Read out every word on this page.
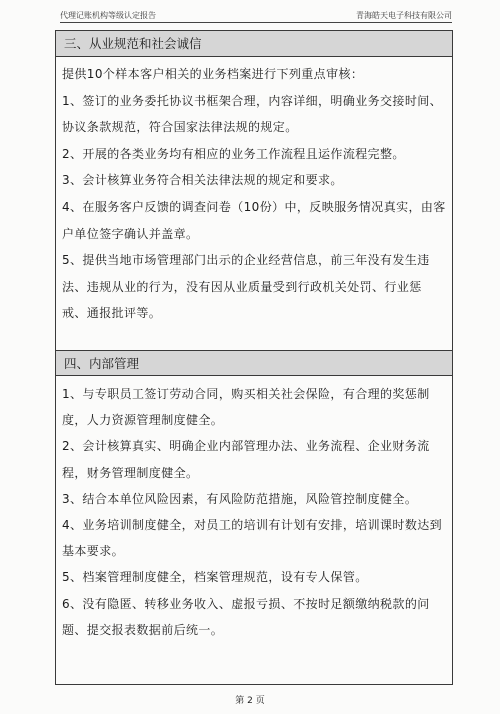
代理记账机构等级认定报告	青海皓天电子科技有限公司
三、从业规范和社会诚信

提供10个样本客户相关的业务档案进行下列重点审核：

1、签订的业务委托协议书框架合理，内容详细，明确业务交接时间、协议条款规范，符合国家法律法规的规定。

2、开展的各类业务均有相应的业务工作流程且运作流程完整。

3、会计核算业务符合相关法律法规的规定和要求。

4、在服务客户反馈的调查问卷（10份）中，反映服务情况真实，由客户单位签字确认并盖章。

5、提供当地市场管理部门出示的企业经营信息，前三年没有发生违法、违规从业的行为，没有因从业质量受到行政机关处罚、行业惩戒、通报批评等。

四、内部管理

1、与专职员工签订劳动合同，购买相关社会保险，有合理的奖惩制度，人力资源管理制度健全。

2、会计核算真实、明确企业内部管理办法、业务流程、企业财务流程，财务管理制度健全。

3、结合本单位风险因素，有风险防范措施，风险管控制度健全。

4、业务培训制度健全，对员工的培训有计划有安排，培训课时数达到基本要求。

5、档案管理制度健全，档案管理规范，设有专人保管。

6、没有隐匿、转移业务收入、虚报亏损、不按时足额缴纳税款的问题、提交报表数据前后统一。

第 2 页
